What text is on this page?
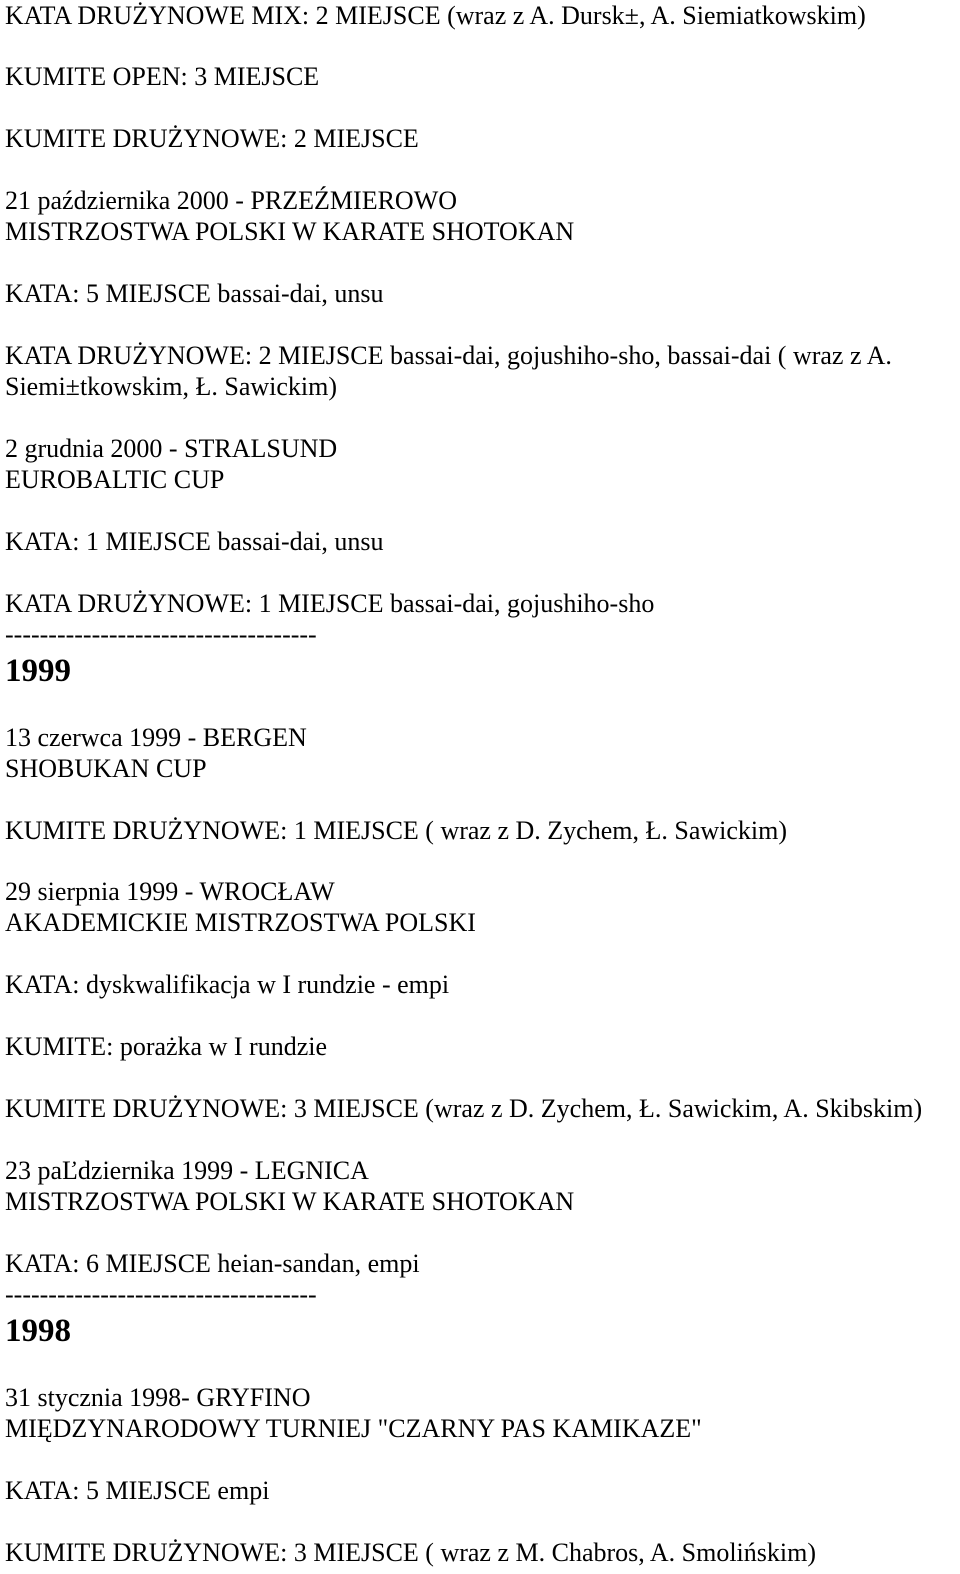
KATA DRUŻYNOWE MIX: 2 MIEJSCE (wraz z A. Dursk±, A. Siemiatkowskim)
KUMITE OPEN: 3 MIEJSCE
KUMITE DRUŻYNOWE: 2 MIEJSCE
21 października 2000 - PRZEŹMIEROWO
MISTRZOSTWA POLSKI W KARATE SHOTOKAN
KATA: 5 MIEJSCE bassai-dai, unsu
KATA DRUŻYNOWE: 2 MIEJSCE bassai-dai, gojushiho-sho, bassai-dai ( wraz z A.
Siemi±tkowskim, Ł. Sawickim)
2 grudnia 2000 - STRALSUND
EUROBALTIC CUP
KATA: 1 MIEJSCE bassai-dai, unsu
KATA DRUŻYNOWE: 1 MIEJSCE bassai-dai, gojushiho-sho
------------------------------------
1999
13 czerwca 1999 - BERGEN
SHOBUKAN CUP
KUMITE DRUŻYNOWE: 1 MIEJSCE ( wraz z D. Zychem, Ł. Sawickim)
29 sierpnia 1999 - WROCŁAW
AKADEMICKIE MISTRZOSTWA POLSKI
KATA: dyskwalifikacja w I rundzie - empi
KUMITE: porażka w I rundzie
KUMITE DRUŻYNOWE: 3 MIEJSCE (wraz z D. Zychem, Ł. Sawickim, A. Skibskim)
23 paĽdziernika 1999 - LEGNICA
MISTRZOSTWA POLSKI W KARATE SHOTOKAN
KATA: 6 MIEJSCE heian-sandan, empi
------------------------------------
1998
31 stycznia 1998- GRYFINO
MIĘDZYNARODOWY TURNIEJ "CZARNY PAS KAMIKAZE"
KATA: 5 MIEJSCE empi
KUMITE DRUŻYNOWE: 3 MIEJSCE ( wraz z M. Chabros, A. Smolińskim)
